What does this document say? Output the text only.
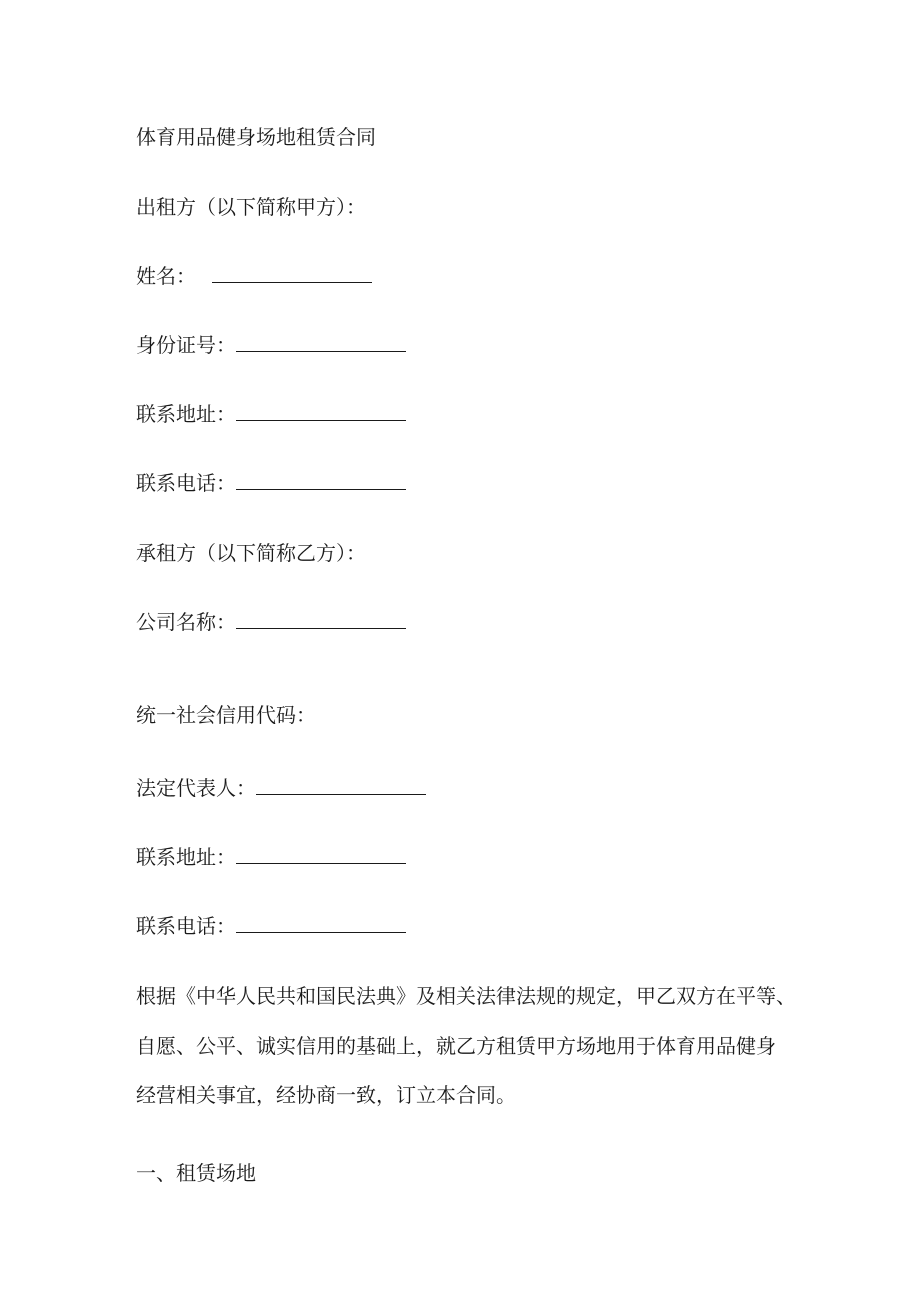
体育用品健身场地租赁合同
出租方（以下简称甲方）：
姓名：
身份证号：
联系地址：
联系电话：
承租方（以下简称乙方）：
公司名称：
统一社会信用代码：
法定代表人：
联系地址：
联系电话：
根据《中华人民共和国民法典》及相关法律法规的规定，甲乙双方在平等、
自愿、公平、诚实信用的基础上，就乙方租赁甲方场地用于体育用品健身
经营相关事宜，经协商一致，订立本合同。
一、租赁场地
